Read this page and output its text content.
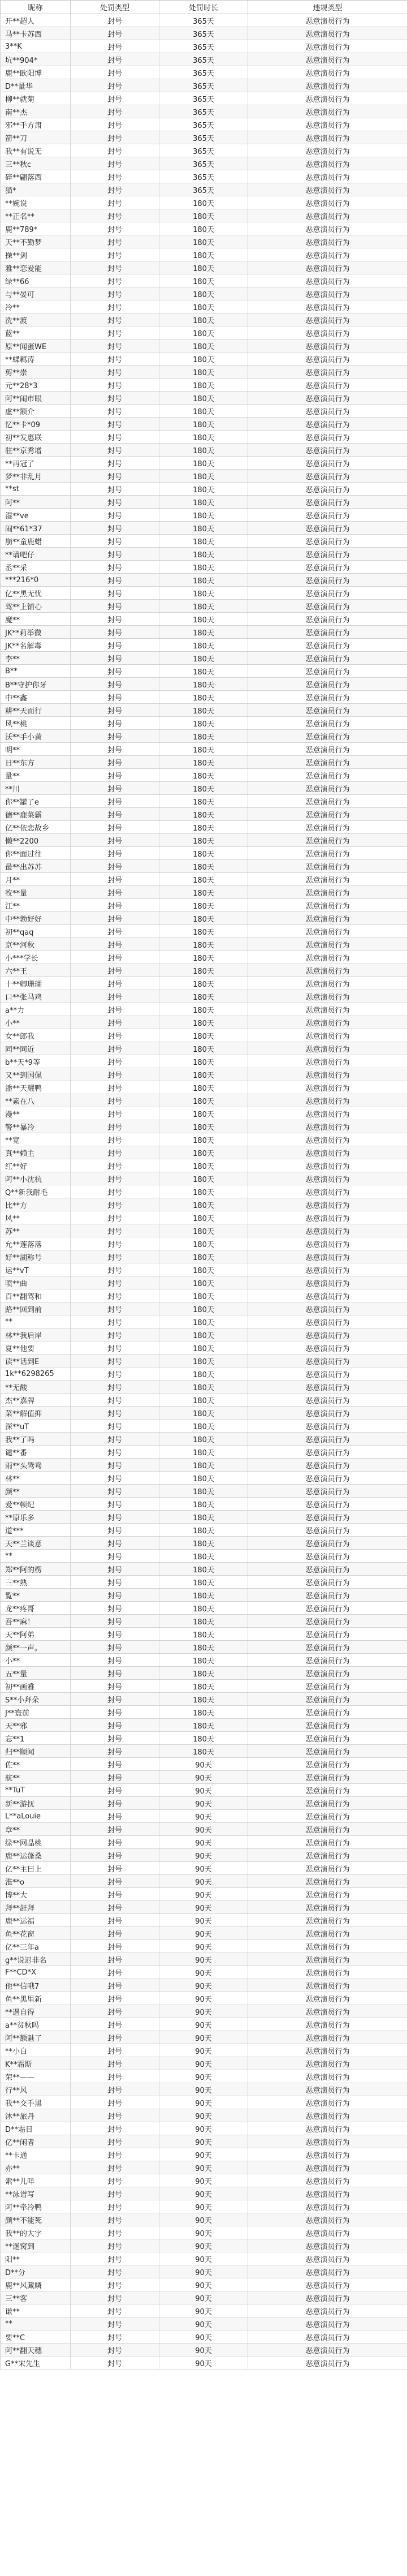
昵称	处罚类型	处罚时长	违规类型
开**超人	封号	365天	恶意演员行为
马**卡苏西	封号	365天	恶意演员行为
3**K	封号	365天	恶意演员行为
坑**904*	封号	365天	恶意演员行为
鹿**欧阳博	封号	365天	恶意演员行为
D**量华	封号	365天	恶意演员行为
柳**就菊	封号	365天	恶意演员行为
南**杰	封号	365天	恶意演员行为
邪**手方肃	封号	365天	恶意演员行为
箭**刀	封号	365天	恶意演员行为
我**有说无	封号	365天	恶意演员行为
三**秋c	封号	365天	恶意演员行为
碎**翩落西	封号	365天	恶意演员行为
猫*	封号	365天	恶意演员行为
**婉说	封号	180天	恶意演员行为
**正名**	封号	180天	恶意演员行为
鹿**789*	封号	180天	恶意演员行为
天**不勤梦	封号	180天	恶意演员行为
操**剑	封号	180天	恶意演员行为
雅**恋爱能	封号	180天	恶意演员行为
绿**66	封号	180天	恶意演员行为
与**晏可	封号	180天	恶意演员行为
冷**	封号	180天	恶意演员行为
洗**渡	封号	180天	恶意演员行为
蓝**	封号	180天	恶意演员行为
原**闻蛋WE	封号	180天	恶意演员行为
**蝶羁涛	封号	180天	恶意演员行为
剪**崇	封号	180天	恶意演员行为
元**28*3	封号	180天	恶意演员行为
阿**闹市眼	封号	180天	恶意演员行为
虚**额介	封号	180天	恶意演员行为
忆**卡*09	封号	180天	恶意演员行为
初**发惠联	封号	180天	恶意演员行为
驻**京秀增	封号	180天	恶意演员行为
**再冠了	封号	180天	恶意演员行为
梦**非乱月	封号	180天	恶意演员行为
**st	封号	180天	恶意演员行为
阿**	封号	180天	恶意演员行为
湿**ve	封号	180天	恶意演员行为
闹**61*37	封号	180天	恶意演员行为
崩**童鹿蜡	封号	180天	恶意演员行为
**请吧仔	封号	180天	恶意演员行为
丞**采	封号	180天	恶意演员行为
***216*0	封号	180天	恶意演员行为
亿**黑无忧	封号	180天	恶意演员行为
驾**上铺心	封号	180天	恶意演员行为
魔**	封号	180天	恶意演员行为
JK**莉举微	封号	180天	恶意演员行为
JK**名解毒	封号	180天	恶意演员行为
李**	封号	180天	恶意演员行为
B**	封号	180天	恶意演员行为
B**守护你牙	封号	180天	恶意演员行为
中**鑫	封号	180天	恶意演员行为
耕**天而行	封号	180天	恶意演员行为
风**桃	封号	180天	恶意演员行为
沃**手小黄	封号	180天	恶意演员行为
明**	封号	180天	恶意演员行为
日**东方	封号	180天	恶意演员行为
量**	封号	180天	恶意演员行为
**川	封号	180天	恶意演员行为
你**罐了e	封号	180天	恶意演员行为
德**鹿菜霸	封号	180天	恶意演员行为
亿**依恋故乡	封号	180天	恶意演员行为
懒**2200	封号	180天	恶意演员行为
你**面过往	封号	180天	恶意演员行为
最**出苏苏	封号	180天	恶意演员行为
月**	封号	180天	恶意演员行为
牧**量	封号	180天	恶意演员行为
江**	封号	180天	恶意演员行为
中**勃好好	封号	180天	恶意演员行为
初**qaq	封号	180天	恶意演员行为
京**河秋	封号	180天	恶意演员行为
小***学长	封号	180天	恶意演员行为
六**王	封号	180天	恶意演员行为
十**卿珊瑚	封号	180天	恶意演员行为
口**张马鸡	封号	180天	恶意演员行为
a**力	封号	180天	恶意演员行为
小**	封号	180天	恶意演员行为
女**郎我	封号	180天	恶意演员行为
同**同近	封号	180天	恶意演员行为
b**天*9等	封号	180天	恶意演员行为
又**到国佩	封号	180天	恶意演员行为
潘**天耀鸭	封号	180天	恶意演员行为
**素在八	封号	180天	恶意演员行为
漫**	封号	180天	恶意演员行为
警**暴冷	封号	180天	恶意演员行为
**宽	封号	180天	恶意演员行为
真**赖主	封号	180天	恶意演员行为
红**好	封号	180天	恶意演员行为
阿**小沈杭	封号	180天	恶意演员行为
Q**新我耐毛	封号	180天	恶意演员行为
比**方	封号	180天	恶意演员行为
风**	封号	180天	恶意演员行为
苏**	封号	180天	恶意演员行为
允**莲落落	封号	180天	恶意演员行为
好**湖称号	封号	180天	恶意演员行为
运**vT	封号	180天	恶意演员行为
喷**曲	封号	180天	恶意演员行为
百**翻驾和	封号	180天	恶意演员行为
路**回到前	封号	180天	恶意演员行为
**	封号	180天	恶意演员行为
林**我后岸	封号	180天	恶意演员行为
夏**他要	封号	180天	恶意演员行为
读**话到E	封号	180天	恶意演员行为
1k**6298265	封号	180天	恶意演员行为
**无酸	封号	180天	恶意演员行为
杰**嘉牌	封号	180天	恶意演员行为
菜**解值抑	封号	180天	恶意演员行为
深**uT	封号	180天	恶意演员行为
我**了吗	封号	180天	恶意演员行为
谴**番	封号	180天	恶意演员行为
雨**头鸳鸯	封号	180天	恶意演员行为
林**	封号	180天	恶意演员行为
颜**	封号	180天	恶意演员行为
爱**顿纪	封号	180天	恶意演员行为
**原乐多	封号	180天	恶意演员行为
道***	封号	180天	恶意演员行为
天**兰谈意	封号	180天	恶意演员行为
**	封号	180天	恶意演员行为
郑**阿的楞	封号	180天	恶意演员行为
三**熟	封号	180天	恶意演员行为
覧**	封号	180天	恶意演员行为
龙**疼哥	封号	180天	恶意演员行为
吾**麻！	封号	180天	恶意演员行为
天**阿弟	封号	180天	恶意演员行为
颜**一声。	封号	180天	恶意演员行为
小**	封号	180天	恶意演员行为
五**量	封号	180天	恶意演员行为
初**画雅	封号	180天	恶意演员行为
S**小拜朵	封号	180天	恶意演员行为
J**寰前	封号	180天	恶意演员行为
天**邪	封号	180天	恶意演员行为
忘**1	封号	180天	恶意演员行为
归**顺闻	封号	180天	恶意演员行为
佐**	封号	90天	恶意演员行为
航**	封号	90天	恶意演员行为
**TuT	封号	90天	恶意演员行为
新**游抚	封号	90天	恶意演员行为
L**aLouie	封号	90天	恶意演员行为
章**	封号	90天	恶意演员行为
绿**网晶桃	封号	90天	恶意演员行为
鹿**运蓬桑	封号	90天	恶意演员行为
亿**主曰上	封号	90天	恶意演员行为
淮**o	封号	90天	恶意演员行为
博**大	封号	90天	恶意演员行为
拜**赶拜	封号	90天	恶意演员行为
鹿**运福	封号	90天	恶意演员行为
鱼**花窗	封号	90天	恶意演员行为
亿**三年a	封号	90天	恶意演员行为
g**说迟非名	封号	90天	恶意演员行为
F**CD*X	封号	90天	恶意演员行为
他**信哦7	封号	90天	恶意演员行为
鱼**黑里新	封号	90天	恶意演员行为
**遇自得	封号	90天	恶意演员行为
a**贫秋吗	封号	90天	恶意演员行为
阿**额魅了	封号	90天	恶意演员行为
**小白	封号	90天	恶意演员行为
K**霜斯	封号	90天	恶意演员行为
荣**——	封号	90天	恶意演员行为
行**风	封号	90天	恶意演员行为
我**交手黑	封号	90天	恶意演员行为
沐**旅丹	封号	90天	恶意演员行为
D**霜目	封号	90天	恶意演员行为
亿**闲者	封号	90天	恶意演员行为
**卡通	封号	90天	恶意演员行为
亦**	封号	90天	恶意演员行为
索**儿咩	封号	90天	恶意演员行为
**泳谱写	封号	90天	恶意演员行为
阿**牵冷鸭	封号	90天	恶意演员行为
颜**不能死	封号	90天	恶意演员行为
我**的大字	封号	90天	恶意演员行为
**迷窝到	封号	90天	恶意演员行为
阳**	封号	90天	恶意演员行为
D**分	封号	90天	恶意演员行为
鹿**风藏鳞	封号	90天	恶意演员行为
三**客	封号	90天	恶意演员行为
谦**	封号	90天	恶意演员行为
**	封号	90天	恶意演员行为
要**C	封号	90天	恶意演员行为
阿**翻天穗	封号	90天	恶意演员行为
G**宋先生	封号	90天	恶意演员行为
